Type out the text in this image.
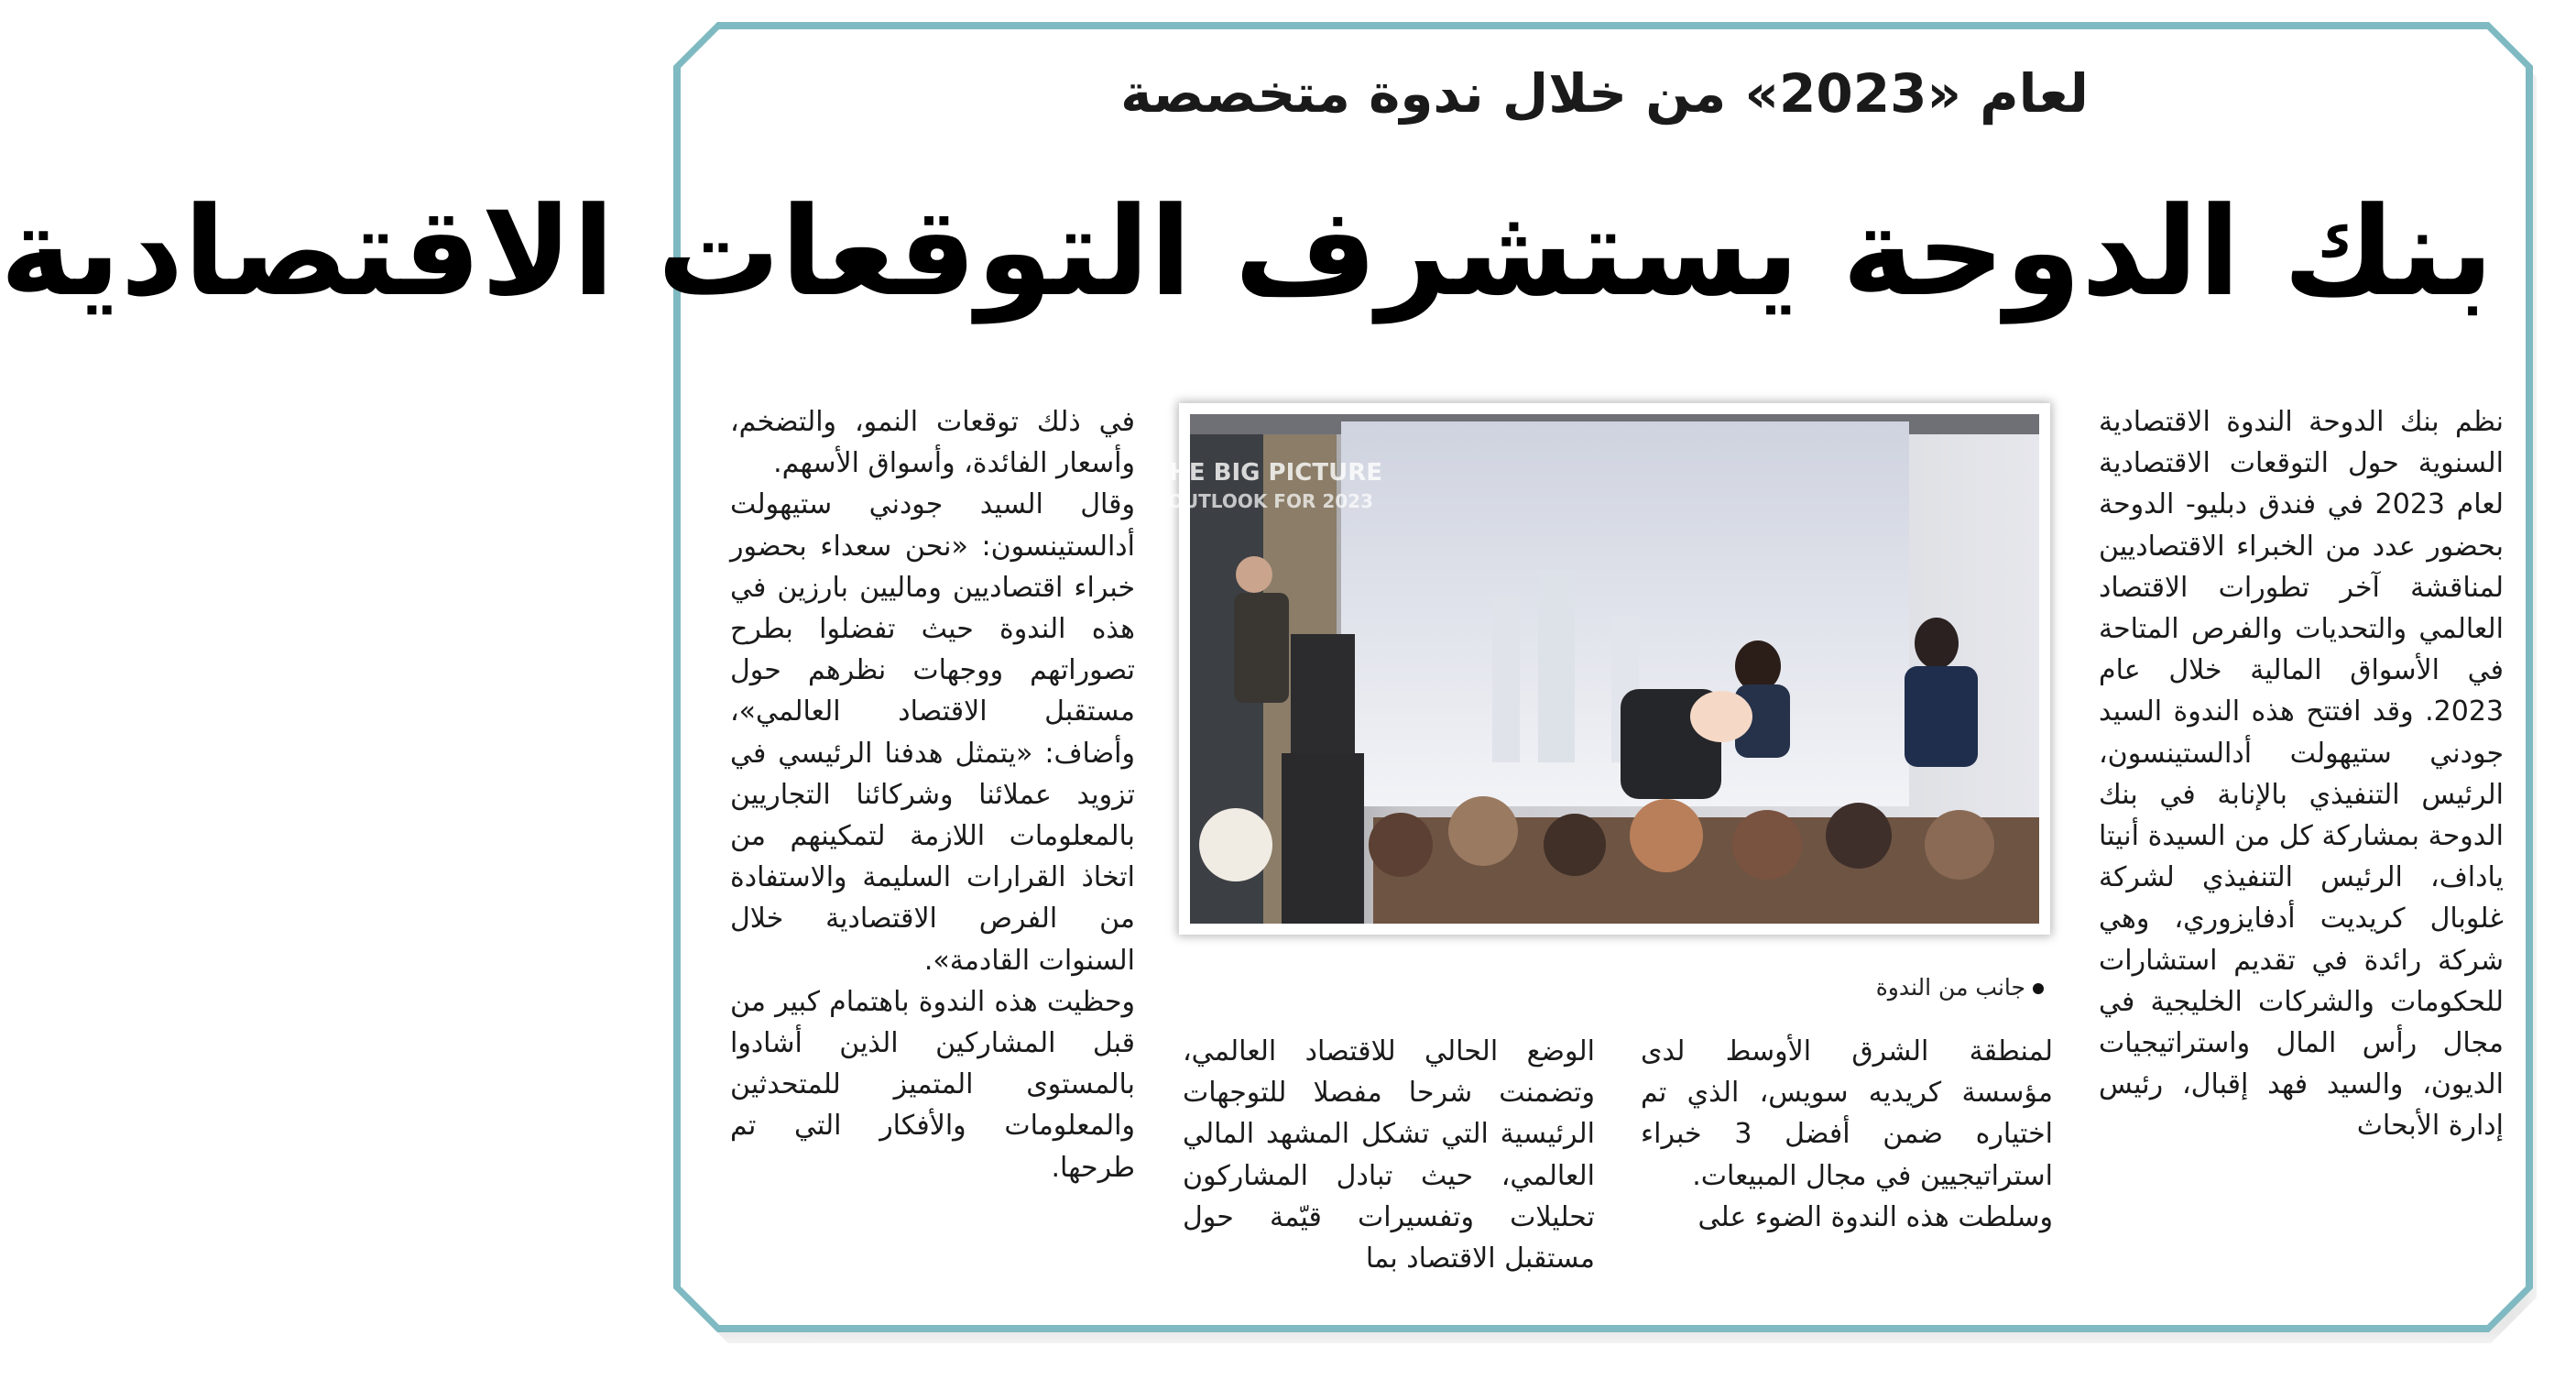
لعام «2023» من خلال ندوة متخصصة
بنك الدوحة يستشرف التوقعات الاقتصادية

نظم بنك الدوحة الندوة الاقتصادية السنوية حول التوقعات الاقتصادية لعام 2023 في فندق دبليو- الدوحة بحضور عدد من الخبراء الاقتصاديين لمناقشة آخر تطورات الاقتصاد العالمي والتحديات والفرص المتاحة في الأسواق المالية خلال عام 2023. وقد افتتح هذه الندوة السيد جودني ستيهولت أدالستينسون، الرئيس التنفيذي بالإنابة في بنك الدوحة بمشاركة كل من السيدة أنيتا ياداف، الرئيس التنفيذي لشركة غلوبال كريديت أدفايزوري، وهي شركة رائدة في تقديم استشارات للحكومات والشركات الخليجية في مجال رأس المال واستراتيجيات الديون، والسيد فهد إقبال، رئيس إدارة الأبحاث

THE BIG PICTURE
ECONOMIC OUTLOOK FOR 2023
جانب من الندوة

لمنطقة الشرق الأوسط لدى مؤسسة كريديه سويس، الذي تم اختياره ضمن أفضل 3 خبراء استراتيجيين في مجال المبيعات.

وسلطت هذه الندوة الضوء على

الوضع الحالي للاقتصاد العالمي، وتضمنت شرحا مفصلا للتوجهات الرئيسية التي تشكل المشهد المالي العالمي، حيث تبادل المشاركون تحليلات وتفسيرات قيّمة حول مستقبل الاقتصاد بما

في ذلك توقعات النمو، والتضخم، وأسعار الفائدة، وأسواق الأسهم.

وقال السيد جودني ستيهولت أدالستينسون: «نحن سعداء بحضور خبراء اقتصاديين وماليين بارزين في هذه الندوة حيث تفضلوا بطرح تصوراتهم ووجهات نظرهم حول مستقبل الاقتصاد العالمي»، وأضاف: «يتمثل هدفنا الرئيسي في تزويد عملائنا وشركائنا التجاريين بالمعلومات اللازمة لتمكينهم من اتخاذ القرارات السليمة والاستفادة من الفرص الاقتصادية خلال السنوات القادمة».

وحظيت هذه الندوة باهتمام كبير من قبل المشاركين الذين أشادوا بالمستوى المتميز للمتحدثين والمعلومات والأفكار التي تم طرحها.
